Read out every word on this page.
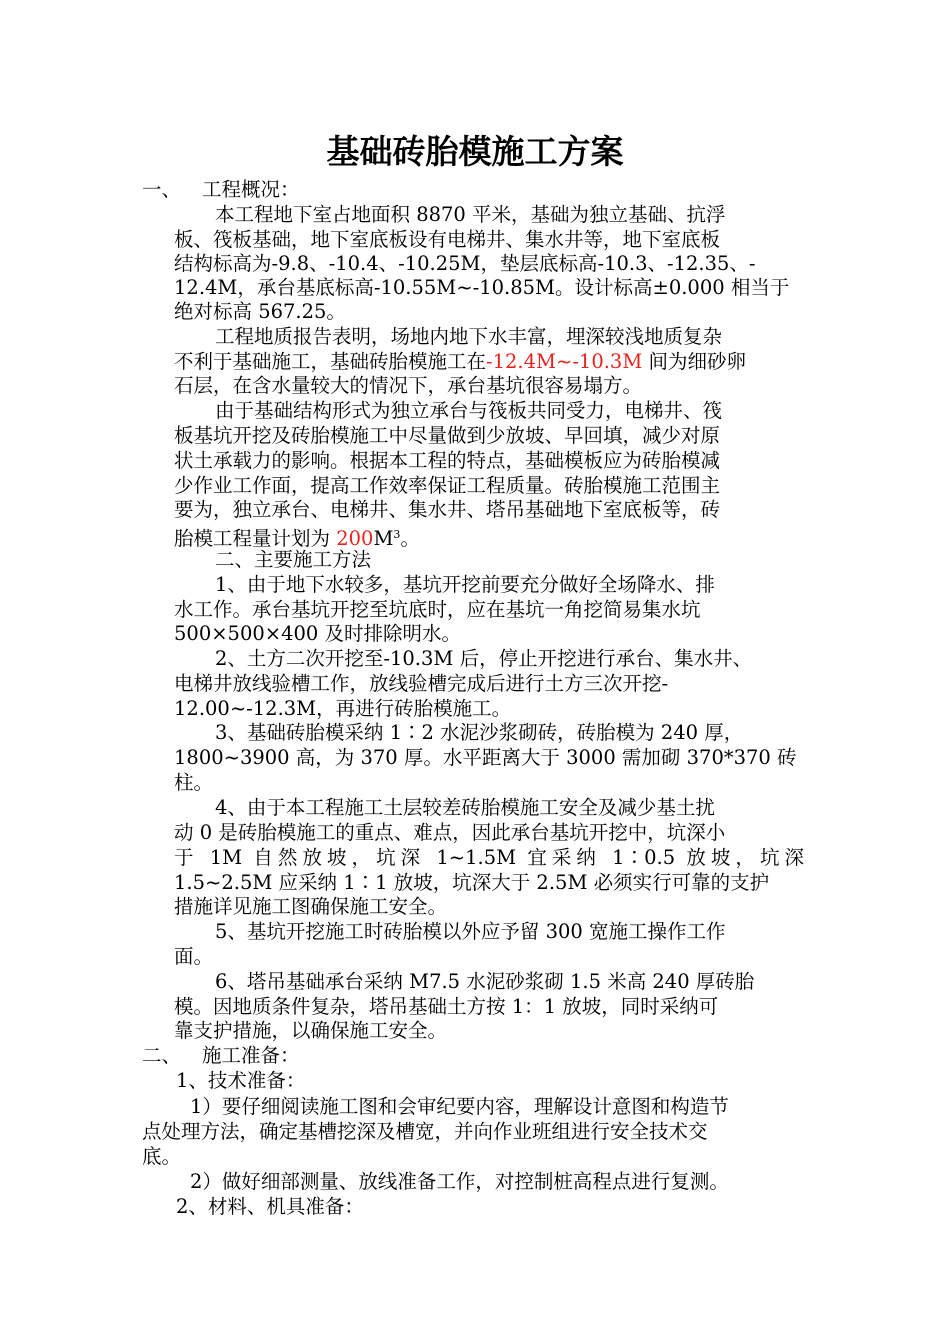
基础砖胎模施工方案
一、 工程概况：
本工程地下室占地面积 8870 平米，基础为独立基础、抗浮
板、筏板基础，地下室底板设有电梯井、集水井等，地下室底板
结构标高为-9.8、-10.4、-10.25M，垫层底标高-10.3、-12.35、-
12.4M，承台基底标高-10.55M~-10.85M。设计标高±0.000 相当于
绝对标高 567.25。
工程地质报告表明，场地内地下水丰富，埋深较浅地质复杂
不利于基础施工，基础砖胎模施工在-12.4M~-10.3M 间为细砂卵
石层，在含水量较大的情况下，承台基坑很容易塌方。
由于基础结构形式为独立承台与筏板共同受力，电梯井、筏
板基坑开挖及砖胎模施工中尽量做到少放坡、早回填，减少对原
状土承载力的影响。根据本工程的特点，基础模板应为砖胎模减
少作业工作面，提高工作效率保证工程质量。砖胎模施工范围主
要为，独立承台、电梯井、集水井、塔吊基础地下室底板等，砖
胎模工程量计划为 $200M^3$。
二、主要施工方法
1、由于地下水较多，基坑开挖前要充分做好全场降水、排
水工作。承台基坑开挖至坑底时，应在基坑一角挖简易集水坑
500×500×400 及时排除明水。
2、土方二次开挖至-10.3M 后，停止开挖进行承台、集水井、
电梯井放线验槽工作，放线验槽完成后进行土方三次开挖-
12.00~-12.3M，再进行砖胎模施工。
3、基础砖胎模采纳 1∶2 水泥沙浆砌砖，砖胎模为 240 厚，
1800~3900 高，为 370 厚。水平距离大于 3000 需加砌 370*370 砖
柱。
4、由于本工程施工土层较差砖胎模施工安全及减少基土扰
动 0 是砖胎模施工的重点、难点，因此承台基坑开挖中，坑深小
于 1M 自然放坡，坑深 1~1.5M 宜采纳 1∶0.5 放坡，坑深
1.5~2.5M 应采纳 1∶1 放坡，坑深大于 2.5M 必须实行可靠的支护
措施详见施工图确保施工安全。
5、基坑开挖施工时砖胎模以外应予留 300 宽施工操作工作
面。
6、塔吊基础承台采纳 M7.5 水泥砂浆砌 1.5 米高 240 厚砖胎
模。因地质条件复杂，塔吊基础土方按 1：1 放坡，同时采纳可
靠支护措施，以确保施工安全。
二、 施工准备：
1、技术准备：
1）要仔细阅读施工图和会审纪要内容，理解设计意图和构造节
点处理方法，确定基槽挖深及槽宽，并向作业班组进行安全技术交
底。
2）做好细部测量、放线准备工作，对控制桩高程点进行复测。
2、材料、机具准备：
